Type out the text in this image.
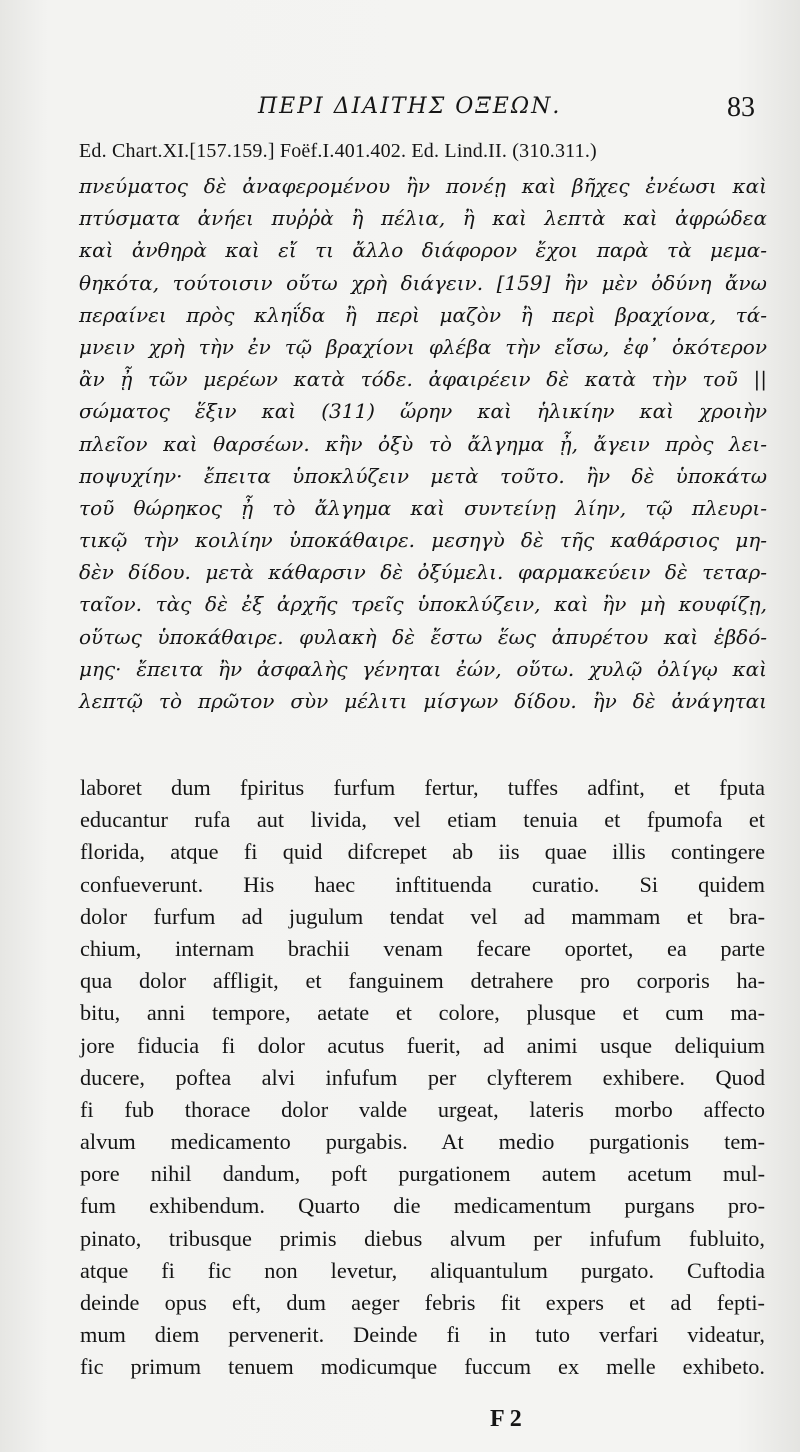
ΠΕΡΙ ΔΙΑΙΤΗΣ ΟΞΕΩΝ.	83
Ed. Chart.XI.[157.159.] Foëf.I.401.402. Ed. Lind.II. (310.311.)
πνεύματος δὲ ἀναφερομένου ἢν πονέῃ καὶ βῆχες ἐνέωσι καὶ
πτύσματα ἀνήει πυῤῥὰ ἢ πέλια, ἢ καὶ λεπτὰ καὶ ἀφρώδεα
καὶ ἀνθηρὰ καὶ εἴ τι ἄλλο διάφορον ἔχοι παρὰ τὰ μεμα-
θηκότα, τούτοισιν οὕτω χρὴ διάγειν. [159] ἢν μὲν ὀδύνη ἄνω
περαίνει πρὸς κληΐδα ἢ περὶ μαζὸν ἢ περὶ βραχίονα, τά-
μνειν χρὴ τὴν ἐν τῷ βραχίονι φλέβα τὴν εἴσω, ἐφ᾽ ὁκότερον
ἂν ᾖ τῶν μερέων κατὰ τόδε. ἀφαιρέειν δὲ κατὰ τὴν τοῦ ||
σώματος ἕξιν καὶ (311) ὥρην καὶ ἡλικίην καὶ χροιὴν
πλεῖον καὶ θαρσέων. κἢν ὀξὺ τὸ ἄλγημα ᾖ, ἄγειν πρὸς λει-
ποψυχίην· ἔπειτα ὑποκλύζειν μετὰ τοῦτο. ἢν δὲ ὑποκάτω
τοῦ θώρηκος ᾖ τὸ ἄλγημα καὶ συντείνῃ λίην, τῷ πλευρι-
τικῷ τὴν κοιλίην ὑποκάθαιρε. μεσηγὺ δὲ τῆς καθάρσιος μη-
δὲν δίδου. μετὰ κάθαρσιν δὲ ὀξύμελι. φαρμακεύειν δὲ τεταρ-
ταῖον. τὰς δὲ ἐξ ἀρχῆς τρεῖς ὑποκλύζειν, καὶ ἢν μὴ κουφίζῃ,
οὕτως ὑποκάθαιρε. φυλακὴ δὲ ἔστω ἕως ἀπυρέτου καὶ ἑβδό-
μης· ἔπειτα ἢν ἀσφαλὴς γένηται ἐών, οὕτω. χυλῷ ὀλίγῳ καὶ
λεπτῷ τὸ πρῶτον σὺν μέλιτι μίσγων δίδου. ἢν δὲ ἀνάγηται
laboret dum fpiritus furfum fertur, tuffes adfint, et fputa
educantur rufa aut livida, vel etiam tenuia et fpumofa et
florida, atque fi quid difcrepet ab iis quae illis contingere
confueverunt. His haec inftituenda curatio. Si quidem
dolor furfum ad jugulum tendat vel ad mammam et bra-
chium, internam brachii venam fecare oportet, ea parte
qua dolor affligit, et fanguinem detrahere pro corporis ha-
bitu, anni tempore, aetate et colore, plusque et cum ma-
jore fiducia fi dolor acutus fuerit, ad animi usque deliquium
ducere, poftea alvi infufum per clyfterem exhibere. Quod
fi fub thorace dolor valde urgeat, lateris morbo affecto
alvum medicamento purgabis. At medio purgationis tem-
pore nihil dandum, poft purgationem autem acetum mul-
fum exhibendum. Quarto die medicamentum purgans pro-
pinato, tribusque primis diebus alvum per infufum fubluito,
atque fi fic non levetur, aliquantulum purgato. Cuftodia
deinde opus eft, dum aeger febris fit expers et ad fepti-
mum diem pervenerit. Deinde fi in tuto verfari videatur,
fic primum tenuem modicumque fuccum ex melle exhibeto.
F 2
